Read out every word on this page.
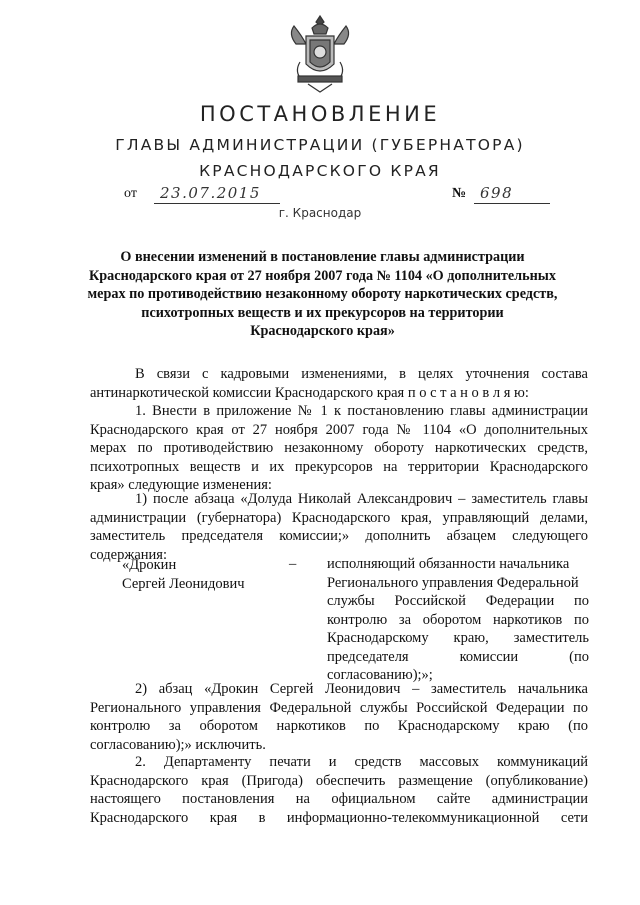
ПОСТАНОВЛЕНИЕ
ГЛАВЫ АДМИНИСТРАЦИИ (ГУБЕРНАТОРА)
КРАСНОДАРСКОГО КРАЯ
от 23.07.2015	№ 698
г. Краснодар
О внесении изменений в постановление главы администрации
Краснодарского края от 27 ноября 2007 года № 1104 «О дополнительных
мерах по противодействию незаконному обороту наркотических средств,
психотропных веществ и их прекурсоров на территории
Краснодарского края»
В связи с кадровыми изменениями, в целях уточнения состава
антинаркотической комиссии Краснодарского края п о с т а н о в л я ю:
1. Внести в приложение № 1 к постановлению главы администрации
Краснодарского края от 27 ноября 2007 года № 1104 «О дополнительных
мерах по противодействию незаконному обороту наркотических средств,
психотропных веществ и их прекурсоров на территории Краснодарского
края» следующие изменения:
1) после абзаца «Долуда Николай Александрович – заместитель главы
администрации (губернатора) Краснодарского края, управляющий делами,
заместитель председателя комиссии;» дополнить абзацем следующего
содержания:
«Дрокин
Сергей Леонидович
– исполняющий обязанности начальника
Регионального управления Федеральной
службы Российской Федерации по
контролю за оборотом наркотиков по
Краснодарскому краю, заместитель
председателя комиссии (по
согласованию);»;
2) абзац «Дрокин Сергей Леонидович – заместитель начальника
Регионального управления Федеральной службы Российской Федерации по
контролю за оборотом наркотиков по Краснодарскому краю (по
согласованию);» исключить.
2. Департаменту печати и средств массовых коммуникаций
Краснодарского края (Пригода) обеспечить размещение (опубликование)
настоящего постановления на официальном сайте администрации
Краснодарского края в информационно-телекоммуникационной сети
